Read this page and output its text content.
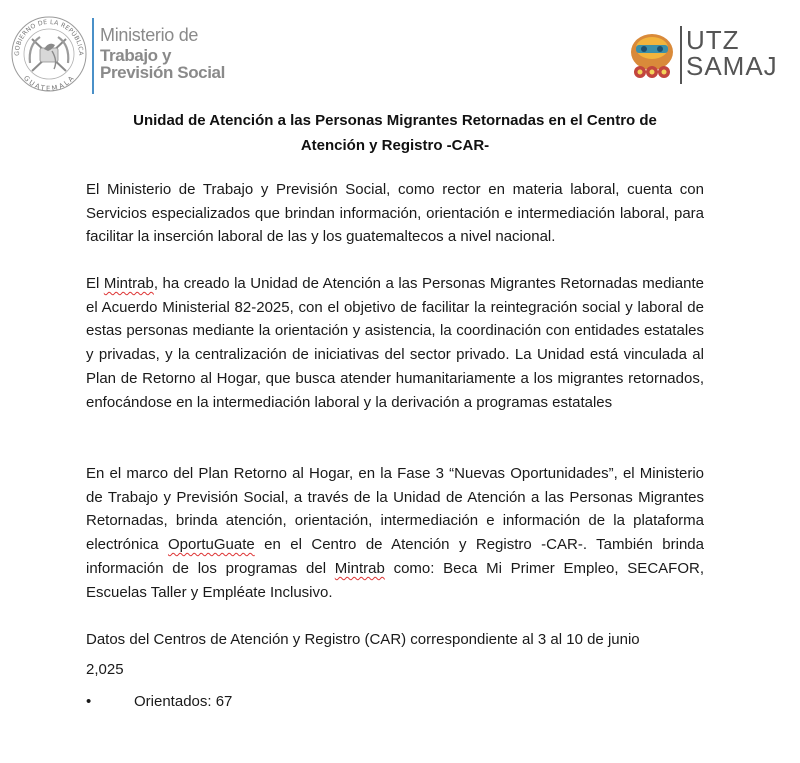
GOBIERNO DE LA REPÚBLICA
GUATEMALA
Ministerio de
Trabajo y
Previsión Social
UTZ
SAMAJ
Unidad de Atención a las Personas Migrantes Retornadas en el Centro de Atención y Registro -CAR-

El Ministerio de Trabajo y Previsión Social, como rector en materia laboral, cuenta con Servicios especializados que brindan información, orientación e intermediación laboral, para facilitar la inserción laboral de las y los guatemaltecos a nivel nacional.

El Mintrab, ha creado la Unidad de Atención a las Personas Migrantes Retornadas mediante el Acuerdo Ministerial 82-2025, con el objetivo de facilitar la reintegración social y laboral de estas personas mediante la orientación y asistencia, la coordinación con entidades estatales y privadas, y la centralización de iniciativas del sector privado. La Unidad está vinculada al Plan de Retorno al Hogar, que busca atender humanitariamente a los migrantes retornados, enfocándose en la intermediación laboral y la derivación a programas estatales

En el marco del Plan Retorno al Hogar, en la Fase 3 “Nuevas Oportunidades”, el Ministerio de Trabajo y Previsión Social, a través de la Unidad de Atención a las Personas Migrantes Retornadas, brinda atención, orientación, intermediación e información de la plataforma electrónica OportuGuate en el Centro de Atención y Registro -CAR-. También brinda información de los programas del Mintrab como: Beca Mi Primer Empleo, SECAFOR, Escuelas Taller y Empléate Inclusivo.

Datos del Centros de Atención y Registro (CAR) correspondiente al 3 al 10 de junio
2,025
•	Orientados: 67
